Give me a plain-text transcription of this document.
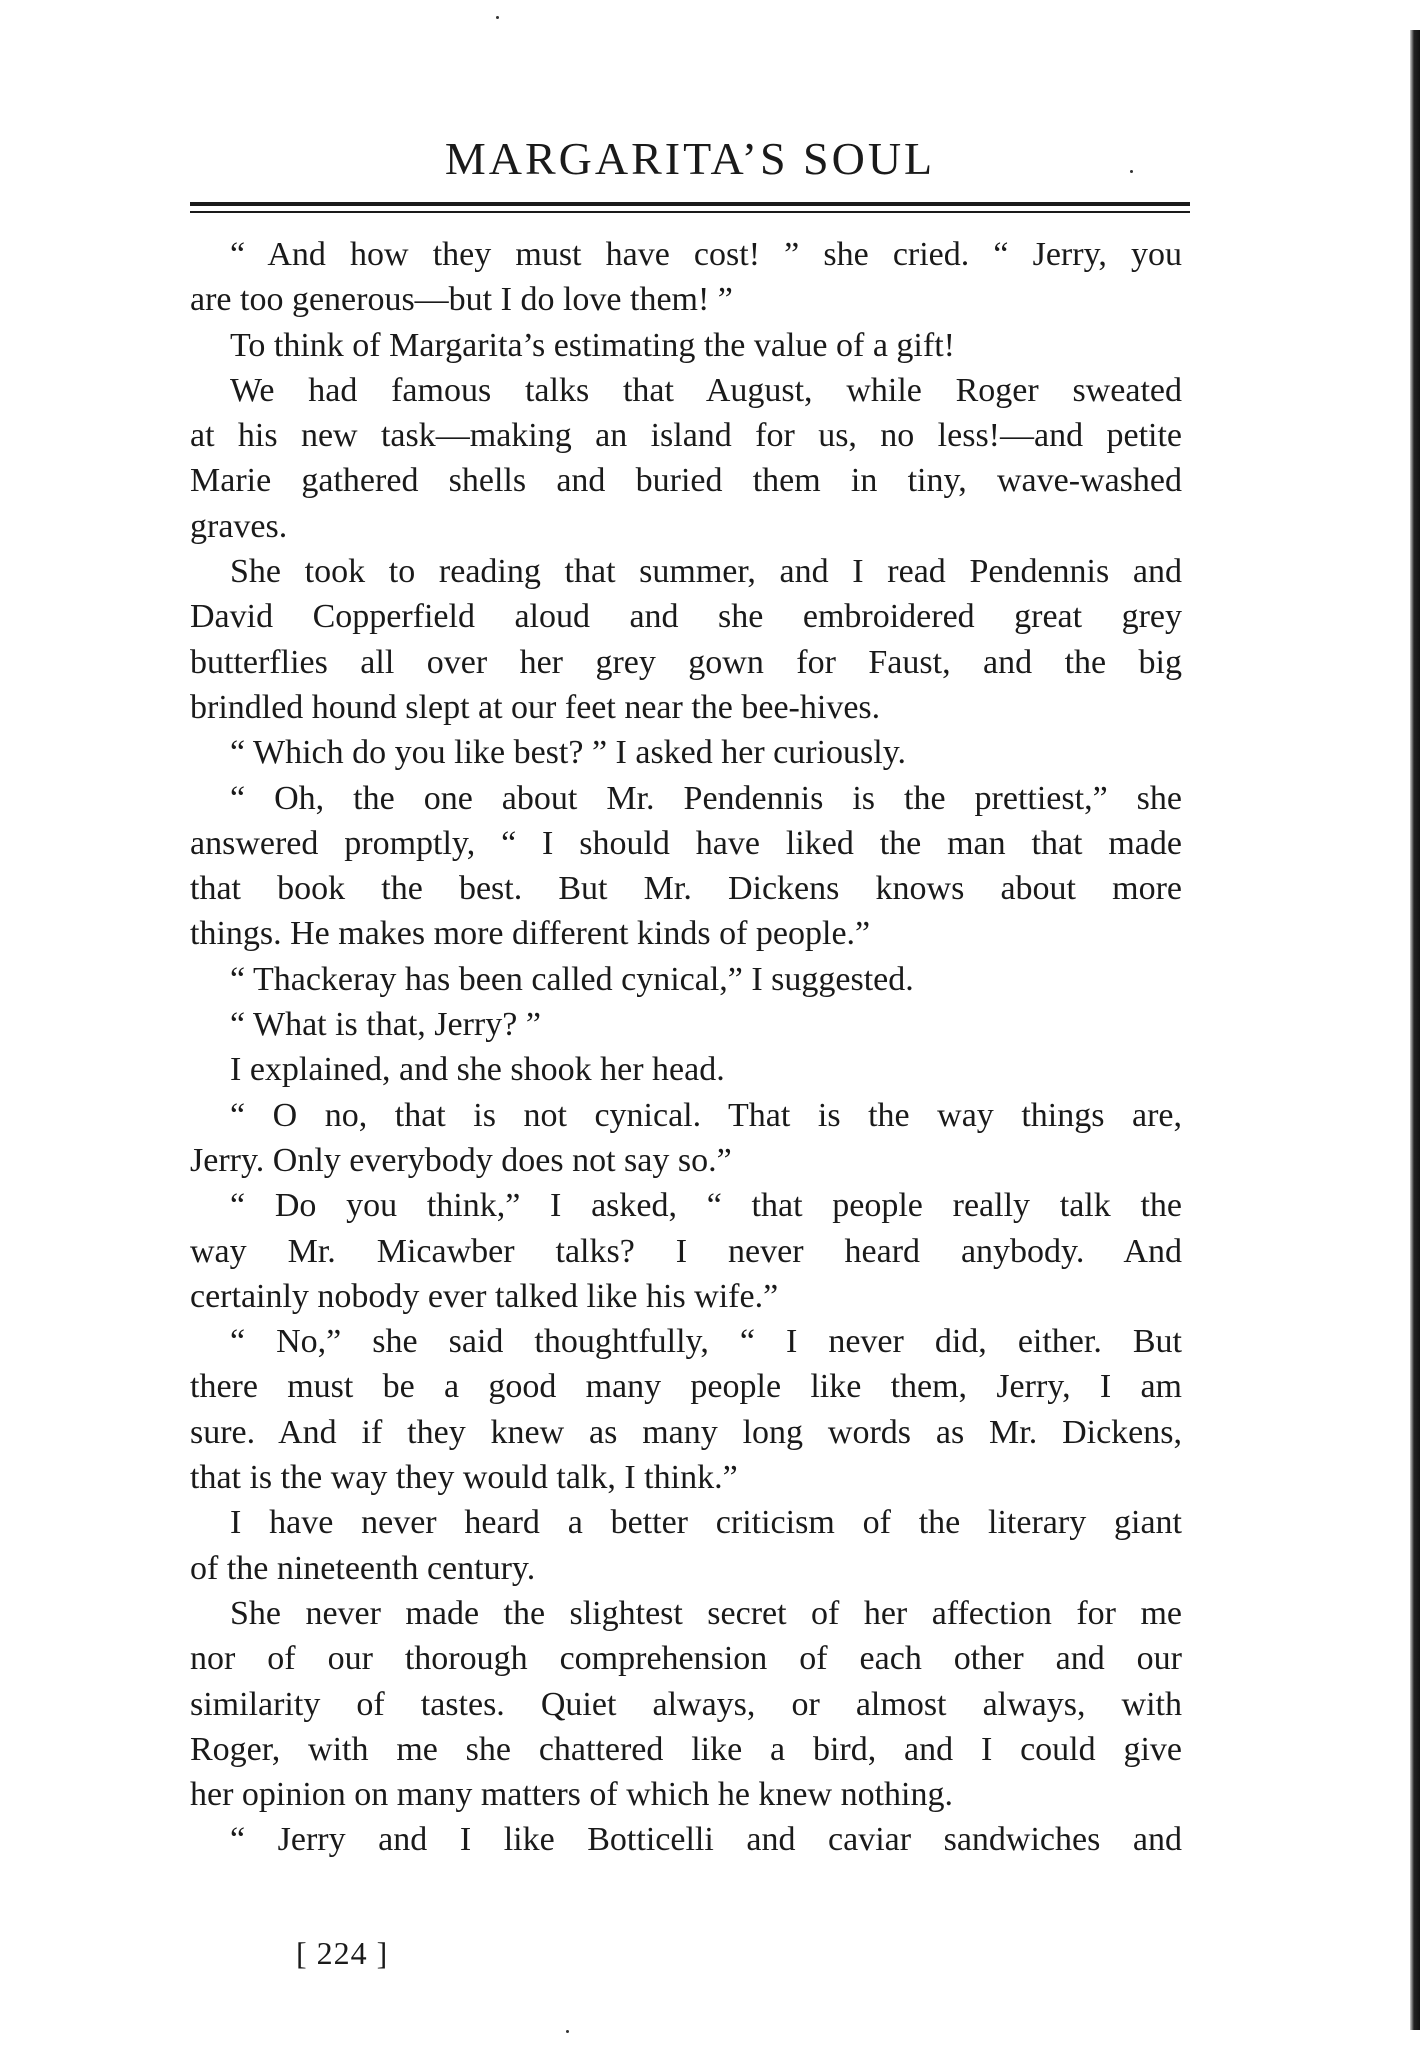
MARGARITA’S SOUL
“ And how they must have cost! ” she cried. “ Jerry, you
are too generous—but I do love them! ”
To think of Margarita’s estimating the value of a gift!
We had famous talks that August, while Roger sweated
at his new task—making an island for us, no less!—and petite
Marie gathered shells and buried them in tiny, wave-washed
graves.
She took to reading that summer, and I read Pendennis and
David Copperfield aloud and she embroidered great grey
butterflies all over her grey gown for Faust, and the big
brindled hound slept at our feet near the bee-hives.
“ Which do you like best? ” I asked her curiously.
“ Oh, the one about Mr. Pendennis is the prettiest,” she
answered promptly, “ I should have liked the man that made
that book the best. But Mr. Dickens knows about more
things. He makes more different kinds of people.”
“ Thackeray has been called cynical,” I suggested.
“ What is that, Jerry? ”
I explained, and she shook her head.
“ O no, that is not cynical. That is the way things are,
Jerry. Only everybody does not say so.”
“ Do you think,” I asked, “ that people really talk the
way Mr. Micawber talks? I never heard anybody. And
certainly nobody ever talked like his wife.”
“ No,” she said thoughtfully, “ I never did, either. But
there must be a good many people like them, Jerry, I am
sure. And if they knew as many long words as Mr. Dickens,
that is the way they would talk, I think.”
I have never heard a better criticism of the literary giant
of the nineteenth century.
She never made the slightest secret of her affection for me
nor of our thorough comprehension of each other and our
similarity of tastes. Quiet always, or almost always, with
Roger, with me she chattered like a bird, and I could give
her opinion on many matters of which he knew nothing.
“ Jerry and I like Botticelli and caviar sandwiches and
[ 224 ]
